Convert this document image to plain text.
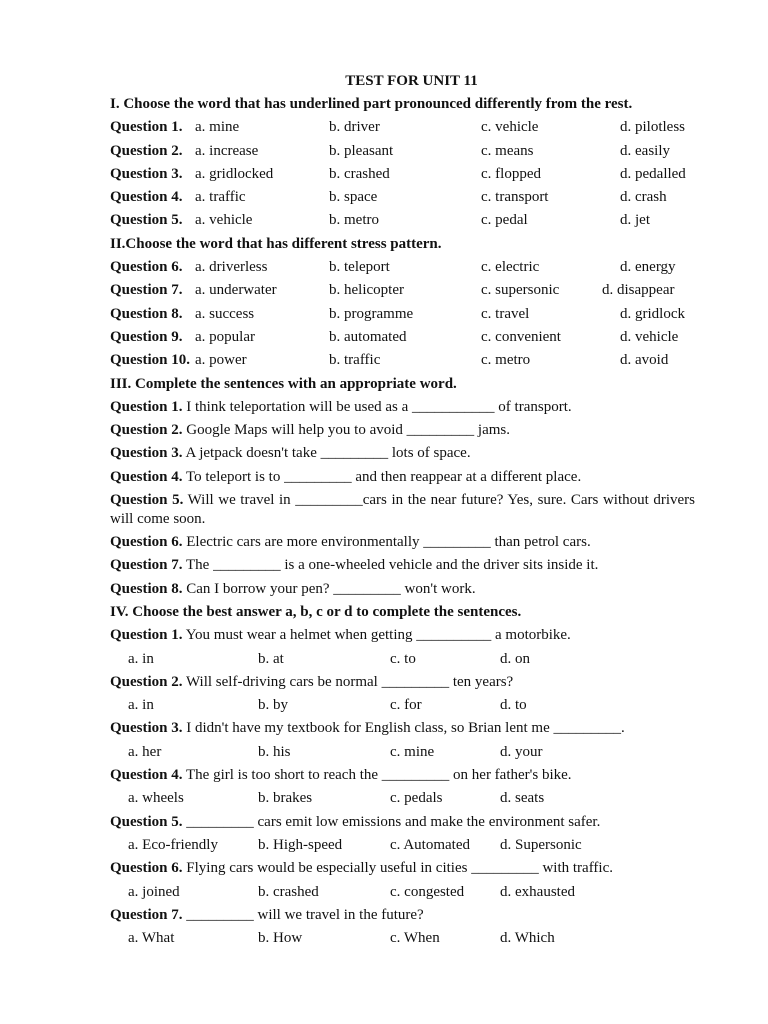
TEST FOR UNIT 11
I. Choose the word that has underlined part pronounced differently from the rest.
Question 1. a. mine	b. driver	c. vehicle	d. pilotless
Question 2. a. increase	b. pleasant	c. means	d. easily
Question 3. a. gridlocked	b. crashed	c. flopped	d. pedalled
Question 4. a. traffic	b. space	c. transport	d. crash
Question 5. a. vehicle	b. metro	c. pedal	d. jet
II.Choose the word that has different stress pattern.
Question 6. a. driverless	b. teleport	c. electric	d. energy
Question 7. a. underwater	b. helicopter	c. supersonic	d. disappear
Question 8. a. success	b. programme	c. travel	d. gridlock
Question 9. a. popular	b. automated	c. convenient	d. vehicle
Question 10. a. power	b. traffic	c. metro	d. avoid
III. Complete the sentences with an appropriate word.
Question 1. I think teleportation will be used as a ___________ of transport.
Question 2. Google Maps will help you to avoid _________ jams.
Question 3. A jetpack doesn't take _________ lots of space.
Question 4. To teleport is to _________ and then reappear at a different place.
Question 5. Will we travel in _________cars in the near future? Yes, sure. Cars without drivers will come soon.
Question 6. Electric cars are more environmentally _________ than petrol cars.
Question 7. The _________ is a one-wheeled vehicle and the driver sits inside it.
Question 8. Can I borrow your pen? _________ won't work.
IV. Choose the best answer a, b, c or d to complete the sentences.
Question 1. You must wear a helmet when getting __________ a motorbike.
a. in	b. at	c. to	d. on
Question 2. Will self-driving cars be normal _________ ten years?
a. in	b. by	c. for	d. to
Question 3. I didn't have my textbook for English class, so Brian lent me _________.
a. her	b. his	c. mine	d. your
Question 4. The girl is too short to reach the _________ on her father's bike.
a. wheels	b. brakes	c. pedals	d. seats
Question 5. _________ cars emit low emissions and make the environment safer.
a. Eco-friendly	b. High-speed	c. Automated d. Supersonic
Question 6. Flying cars would be especially useful in cities _________ with traffic.
a. joined	b. crashed	c. congested d. exhausted
Question 7. _________ will we travel in the future?
a. What	b. How	c. When	d. Which
